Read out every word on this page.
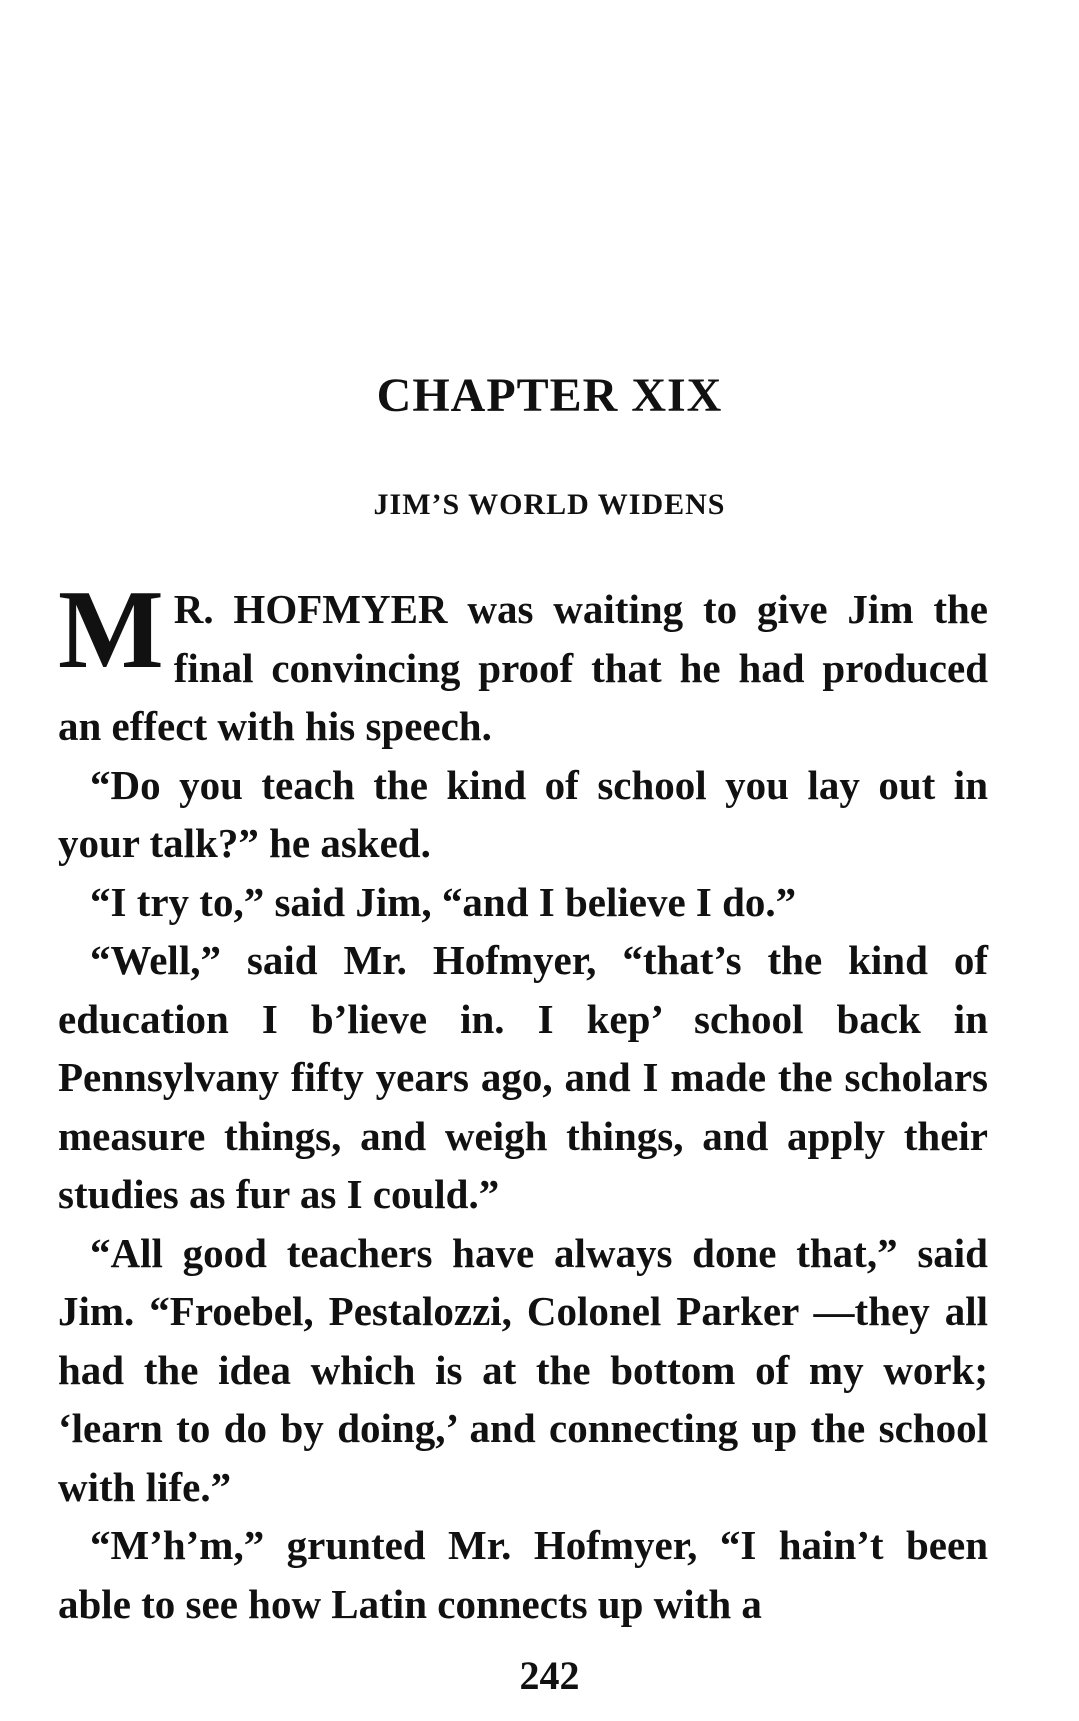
CHAPTER XIX
JIM’S WORLD WIDENS

M R. HOFMYER was waiting to give Jim the final convincing proof that he had produced an effect with his speech.

“Do you teach the kind of school you lay out in your talk?” he asked.

“I try to,” said Jim, “and I believe I do.”

“Well,” said Mr. Hofmyer, “that’s the kind of education I b’lieve in. I kep’ school back in Pennsylvany fifty years ago, and I made the scholars measure things, and weigh things, and apply their studies as fur as I could.”

“All good teachers have always done that,” said Jim. “Froebel, Pestalozzi, Colonel Parker —they all had the idea which is at the bottom of my work; ‘learn to do by doing,’ and connecting up the school with life.”

“M’h’m,” grunted Mr. Hofmyer, “I hain’t been able to see how Latin connects up with a

242
